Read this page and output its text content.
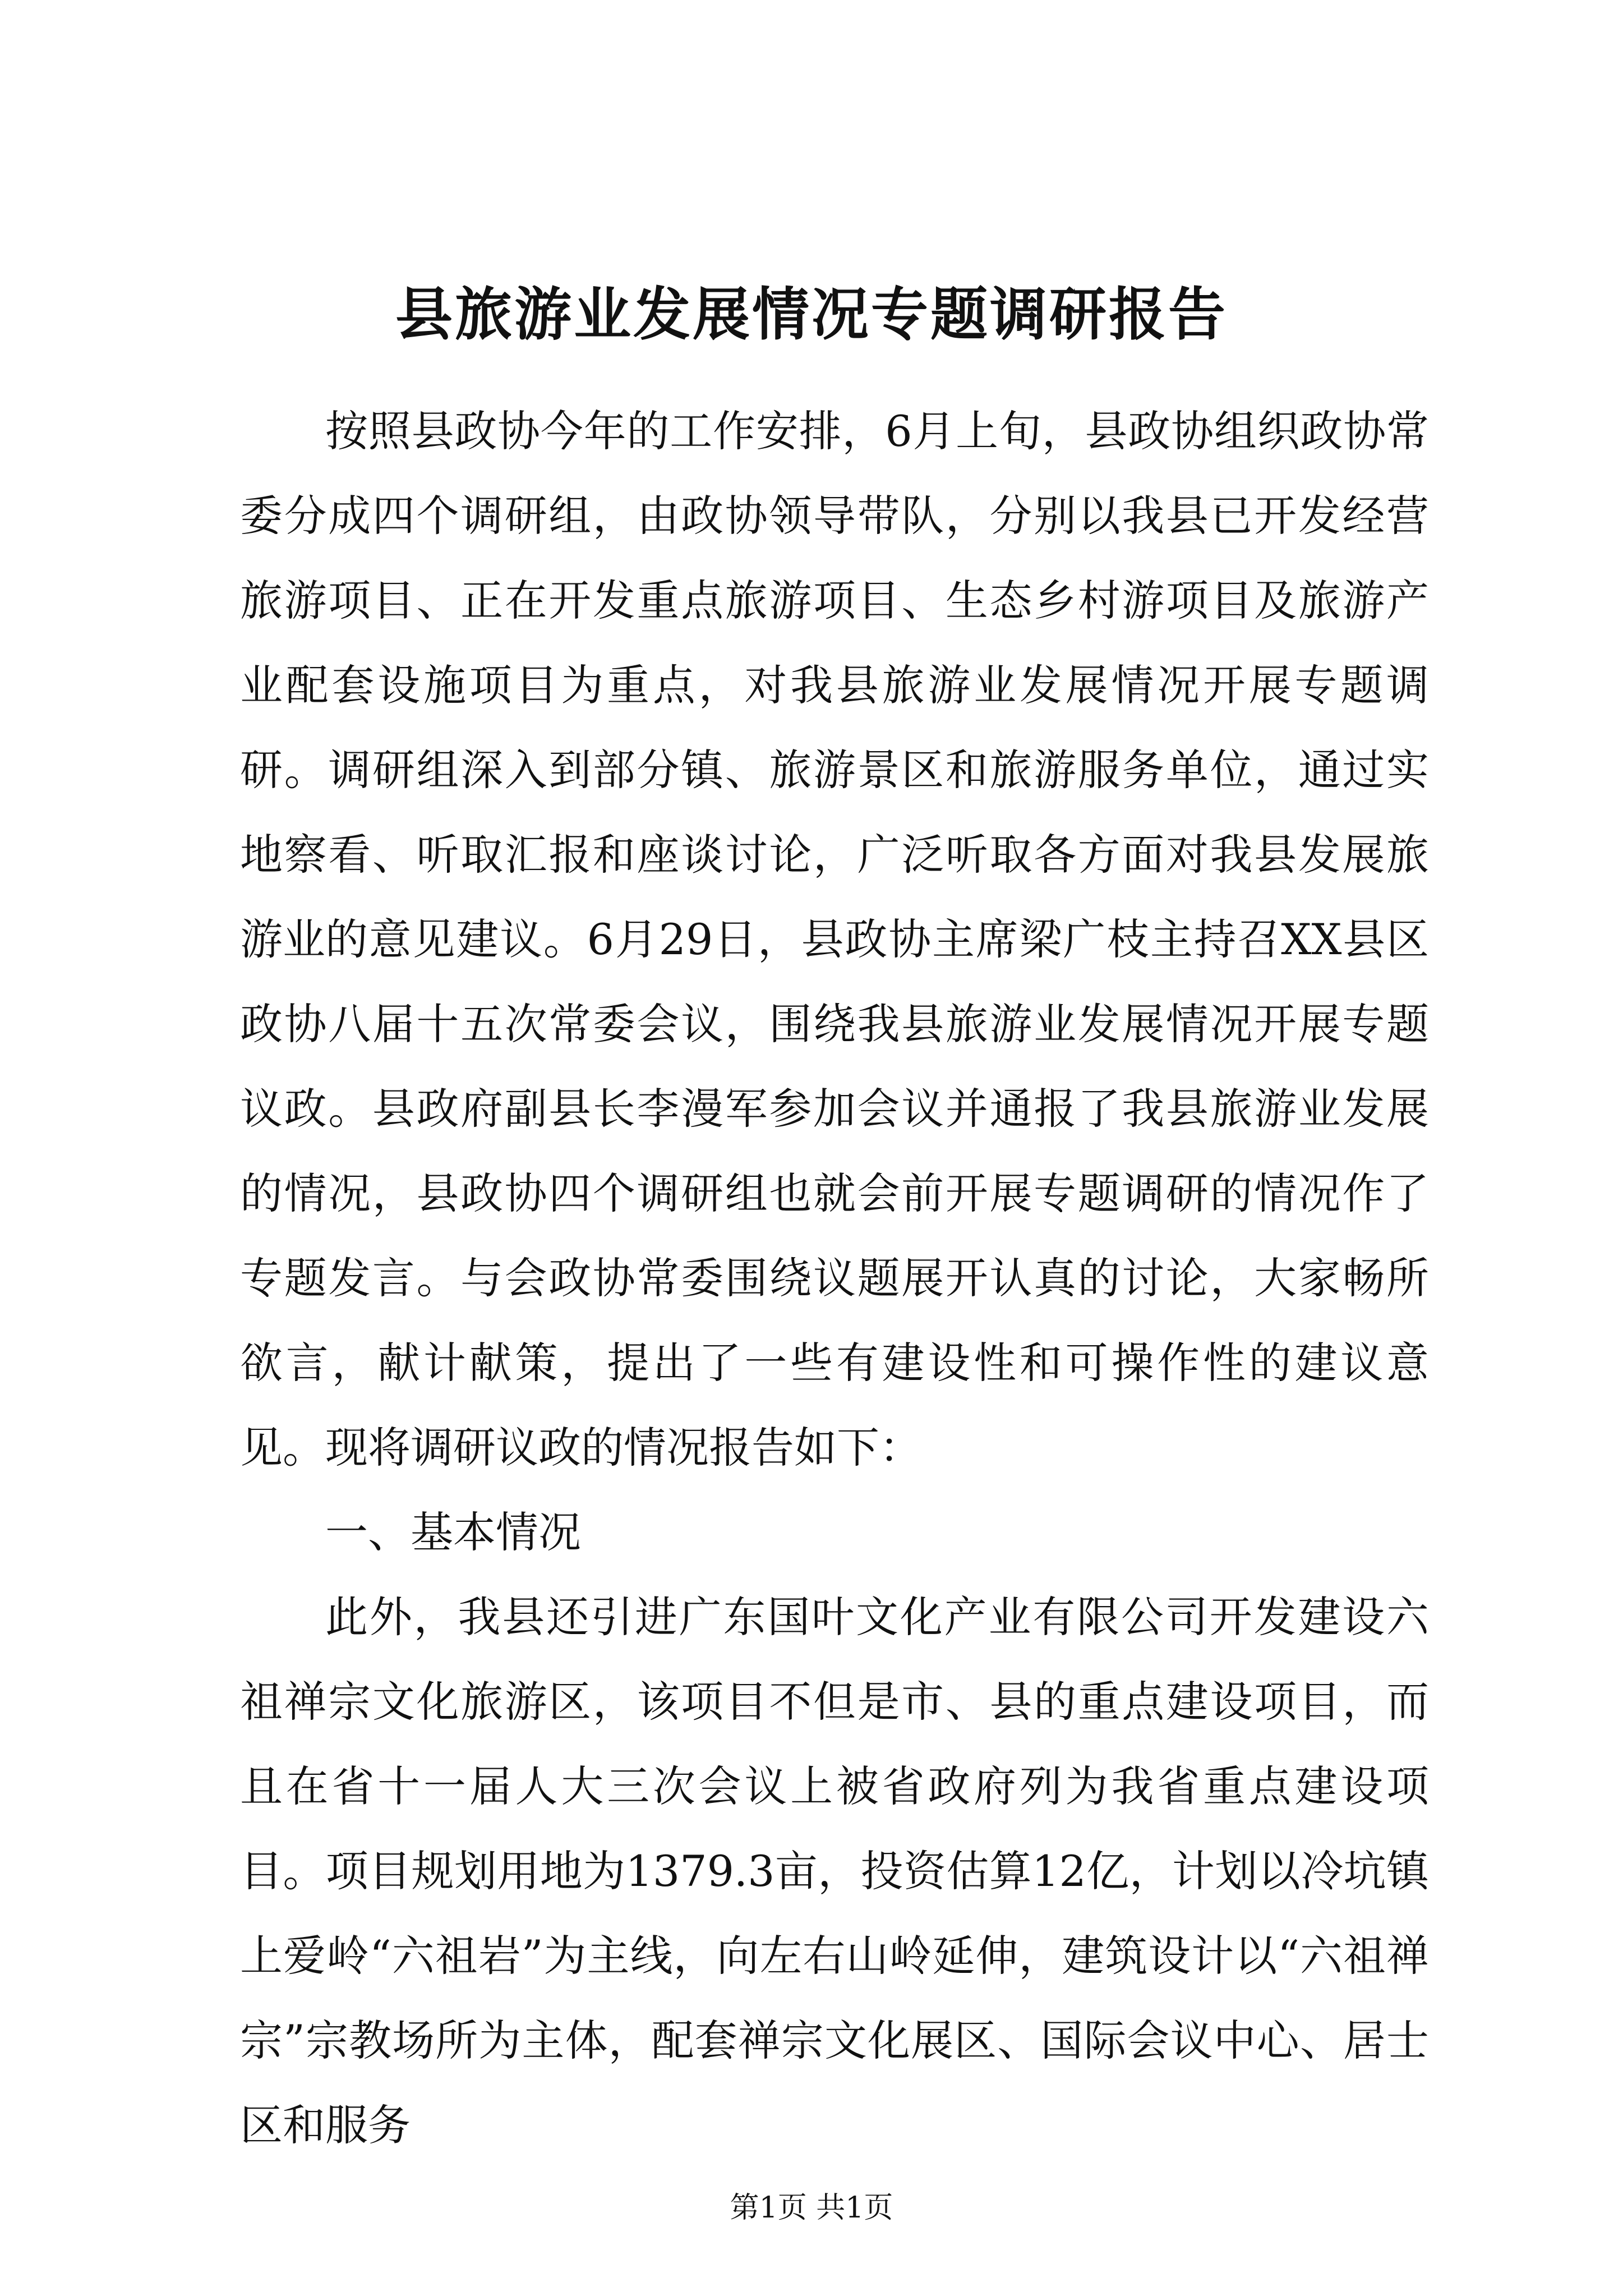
县旅游业发展情况专题调研报告

按照县政协今年的工作安排，6月上旬，县政协组织政协常委分成四个调研组，由政协领导带队，分别以我县已开发经营旅游项目、正在开发重点旅游项目、生态乡村游项目及旅游产业配套设施项目为重点，对我县旅游业发展情况开展专题调研。调研组深入到部分镇、旅游景区和旅游服务单位，通过实地察看、听取汇报和座谈讨论，广泛听取各方面对我县发展旅游业 的意见建议。6月29日，县政协主席梁广枝主持召XX县区政协八届十五次常委会议，围绕我县旅游业发展情况开展专题议政。县政府副县长李漫军参加会议并通报了我县旅游业发展的情况，县政协四个调研组也就会前开展专题调研的情况作了专题发言。与会政协常委围绕议题展开认真的讨论，大家畅所欲言，献计献策，提出了一些有建设性和可操作性的建议意见。现将调研议政的情况报告如下：

一、基本情况

此外，我县还引进广东国叶文化产业有限公司开发建设六祖禅宗文化旅游区，该项目不但是市、县的重点建设项目，而且在省十一届人大三次会议上被省政府列为我省重点建设项目。项目规划用地为1379.3亩，投资估算12亿，计划以冷坑镇上爱岭“六祖岩”为主线，向左右山岭延伸，建筑设计以“六祖禅宗”宗教场所为主体，配套禅宗文化展区、国际会议中心、居士区和服务

第1页 共1页
